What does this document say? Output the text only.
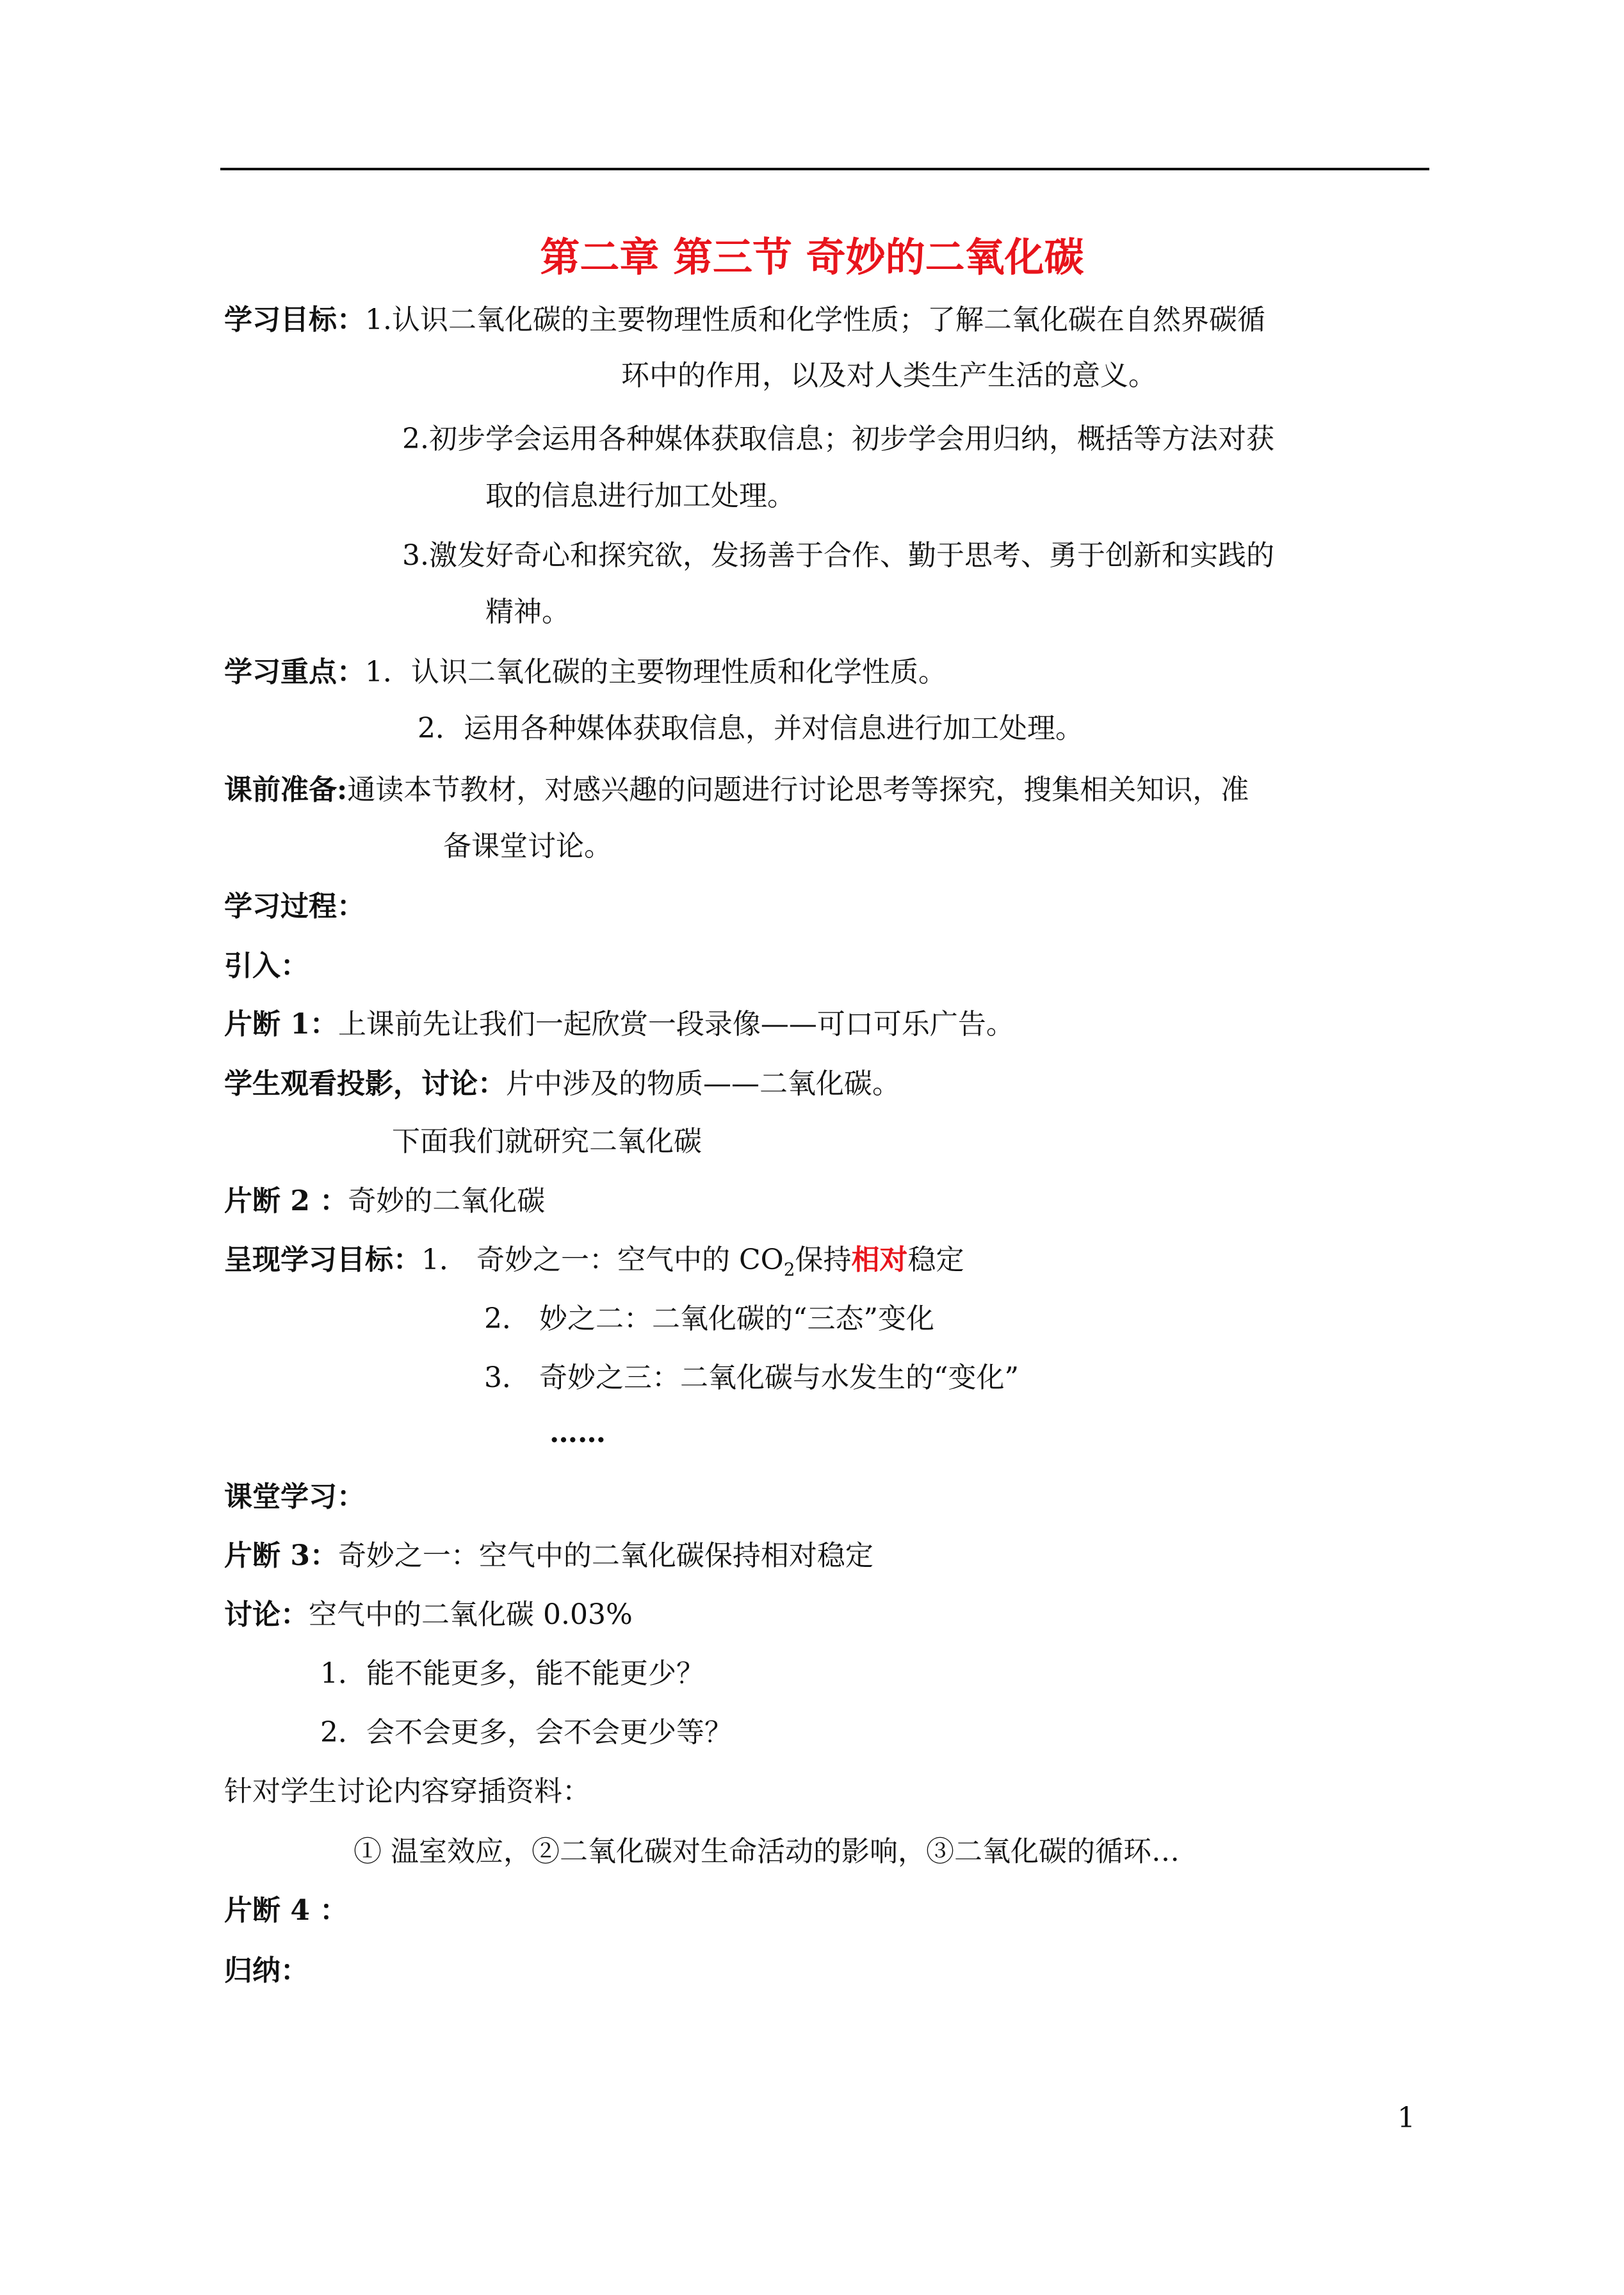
第二章 第三节 奇妙的二氧化碳
学习目标：1.认识二氧化碳的主要物理性质和化学性质；了解二氧化碳在自然界碳循
环中的作用，以及对人类生产生活的意义。
2.初步学会运用各种媒体获取信息；初步学会用归纳，概括等方法对获
取的信息进行加工处理。
3.激发好奇心和探究欲，发扬善于合作、勤于思考、勇于创新和实践的
精神。
学习重点：1．认识二氧化碳的主要物理性质和化学性质。
2．运用各种媒体获取信息，并对信息进行加工处理。
课前准备:通读本节教材，对感兴趣的问题进行讨论思考等探究，搜集相关知识，准
备课堂讨论。
学习过程：
引入：
片断 1：上课前先让我们一起欣赏一段录像——可口可乐广告。
学生观看投影，讨论：片中涉及的物质——二氧化碳。
下面我们就研究二氧化碳
片断 2 ：奇妙的二氧化碳
呈现学习目标：1． 奇妙之一：空气中的 $CO_2$保持相对稳定
2． 妙之二：二氧化碳的“三态”变化
3． 奇妙之三：二氧化碳与水发生的“变化”
……
课堂学习：
片断 3：奇妙之一：空气中的二氧化碳保持相对稳定
讨论：空气中的二氧化碳 0.03%
1．能不能更多，能不能更少？
2．会不会更多，会不会更少等？
针对学生讨论内容穿插资料：
① 温室效应，②二氧化碳对生命活动的影响，③二氧化碳的循环…
片断 4 ：
归纳：
1
